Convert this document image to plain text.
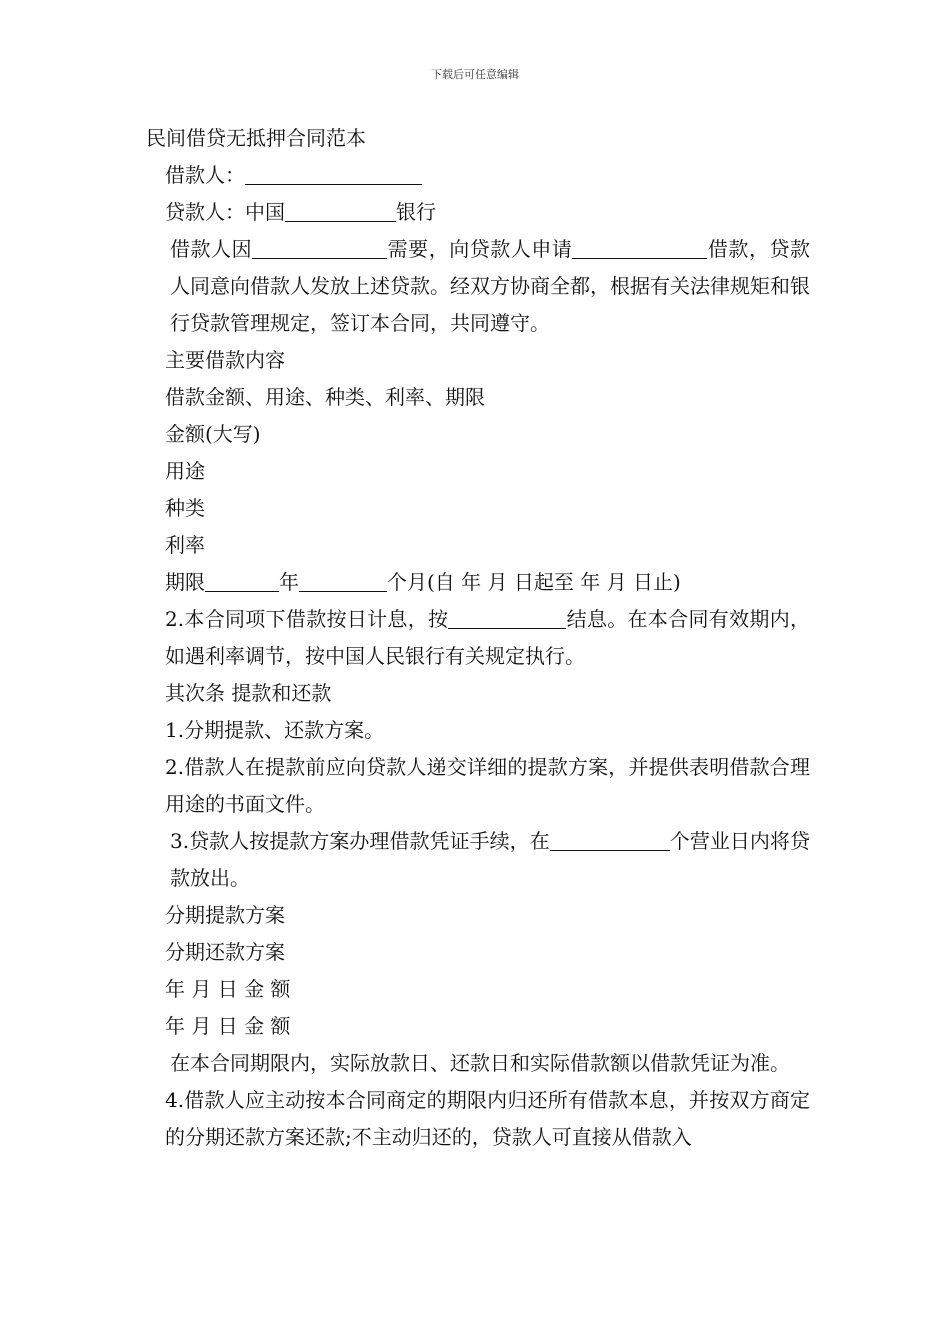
下载后可任意编辑
民间借贷无抵押合同范本
借款人：
贷款人：中国	银行
借款人因	需要，向贷款人申请	借款，贷款人同意向借款人发放上述贷款。经双方协商全都，根据有关法律规矩和银行贷款管理规定，签订本合同，共同遵守。
主要借款内容
借款金额、用途、种类、利率、期限
金额(大写)
用途
种类
利率
期限	年	个月(自 年 月 日起至 年 月 日止)
2.本合同项下借款按日计息，按	结息。在本合同有效期内，如遇利率调节，按中国人民银行有关规定执行。
其次条 提款和还款
1.分期提款、还款方案。
2.借款人在提款前应向贷款人递交详细的提款方案，并提供表明借款合理用途的书面文件。
3.贷款人按提款方案办理借款凭证手续，在	个营业日内将贷款放出。
分期提款方案
分期还款方案
年 月 日 金 额
年 月 日 金 额
在本合同期限内，实际放款日、还款日和实际借款额以借款凭证为准。
4.借款人应主动按本合同商定的期限内归还所有借款本息，并按双方商定的分期还款方案还款;不主动归还的，贷款人可直接从借款入
